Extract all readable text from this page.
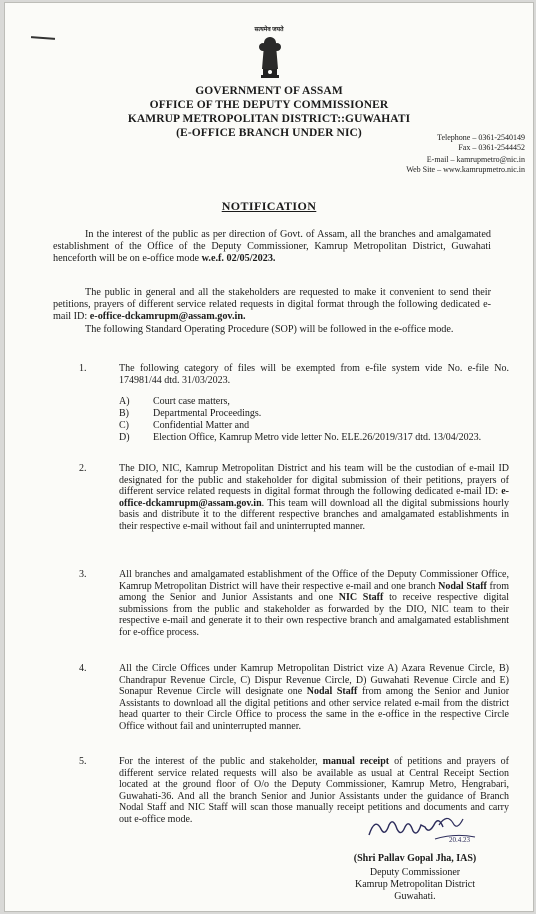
सत्यमेव जयते
GOVERNMENT OF ASSAM
OFFICE OF THE DEPUTY COMMISSIONER
KAMRUP METROPOLITAN DISTRICT::GUWAHATI
(E-OFFICE BRANCH UNDER NIC)	Telephone – 0361-2540149
Fax – 0361-2544452
E-mail – kamrupmetro@nic.in
Web Site – www.kamrupmetro.nic.in
NOTIFICATION
In the interest of the public as per direction of Govt. of Assam, all the branches and amalgamated establishment of the Office of the Deputy Commissioner, Kamrup Metropolitan District, Guwahati henceforth will be on e-office mode w.e.f. 02/05/2023.
The public in general and all the stakeholders are requested to make it convenient to send their petitions, prayers of different service related requests in digital format through the following dedicated e-mail ID: e-office-dckamrupm@assam.gov.in.
The following Standard Operating Procedure (SOP) will be followed in the e-office mode.
1.	The following category of files will be exempted from e-file system vide No. e-file No. 174981/44 dtd. 31/03/2023.
A)	Court case matters,
B)	Departmental Proceedings.
C)	Confidential Matter and
D)	Election Office, Kamrup Metro vide letter No. ELE.26/2019/317 dtd. 13/04/2023.
2.	The DIO, NIC, Kamrup Metropolitan District and his team will be the custodian of e-mail ID designated for the public and stakeholder for digital submission of their petitions, prayers of different service related requests in digital format through the following dedicated e-mail ID: e-office-dckamrupm@assam.gov.in. This team will download all the digital submissions hourly basis and distribute it to the different respective branches and amalgamated establishments in their respective e-mail without fail and uninterrupted manner.
3.	All branches and amalgamated establishment of the Office of the Deputy Commissioner Office, Kamrup Metropolitan District will have their respective e-mail and one branch Nodal Staff from among the Senior and Junior Assistants and one NIC Staff to receive respective digital submissions from the public and stakeholder as forwarded by the DIO, NIC team to their respective e-mail and generate it to their own respective branch and amalgamated establishment for e-office process.
4.	All the Circle Offices under Kamrup Metropolitan District vize A) Azara Revenue Circle, B) Chandrapur Revenue Circle, C) Dispur Revenue Circle, D) Guwahati Revenue Circle and E) Sonapur Revenue Circle will designate one Nodal Staff from among the Senior and Junior Assistants to download all the digital petitions and other service related e-mail from the district head quarter to their Circle Office to process the same in the e-office in the respective Circle Office without fail and uninterrupted manner.
5.	For the interest of the public and stakeholder, manual receipt of petitions and prayers of different service related requests will also be available as usual at Central Receipt Section located at the ground floor of O/o the Deputy Commissioner, Kamrup Metro, Hengrabari, Guwahati-36. And all the branch Senior and Junior Assistants under the guidance of Branch Nodal Staff and NIC Staff will scan those manually receipt petitions and documents and carry out e-office mode.
20.4.23
(Shri Pallav Gopal Jha, IAS)
Deputy Commissioner
Kamrup Metropolitan District
Guwahati.
